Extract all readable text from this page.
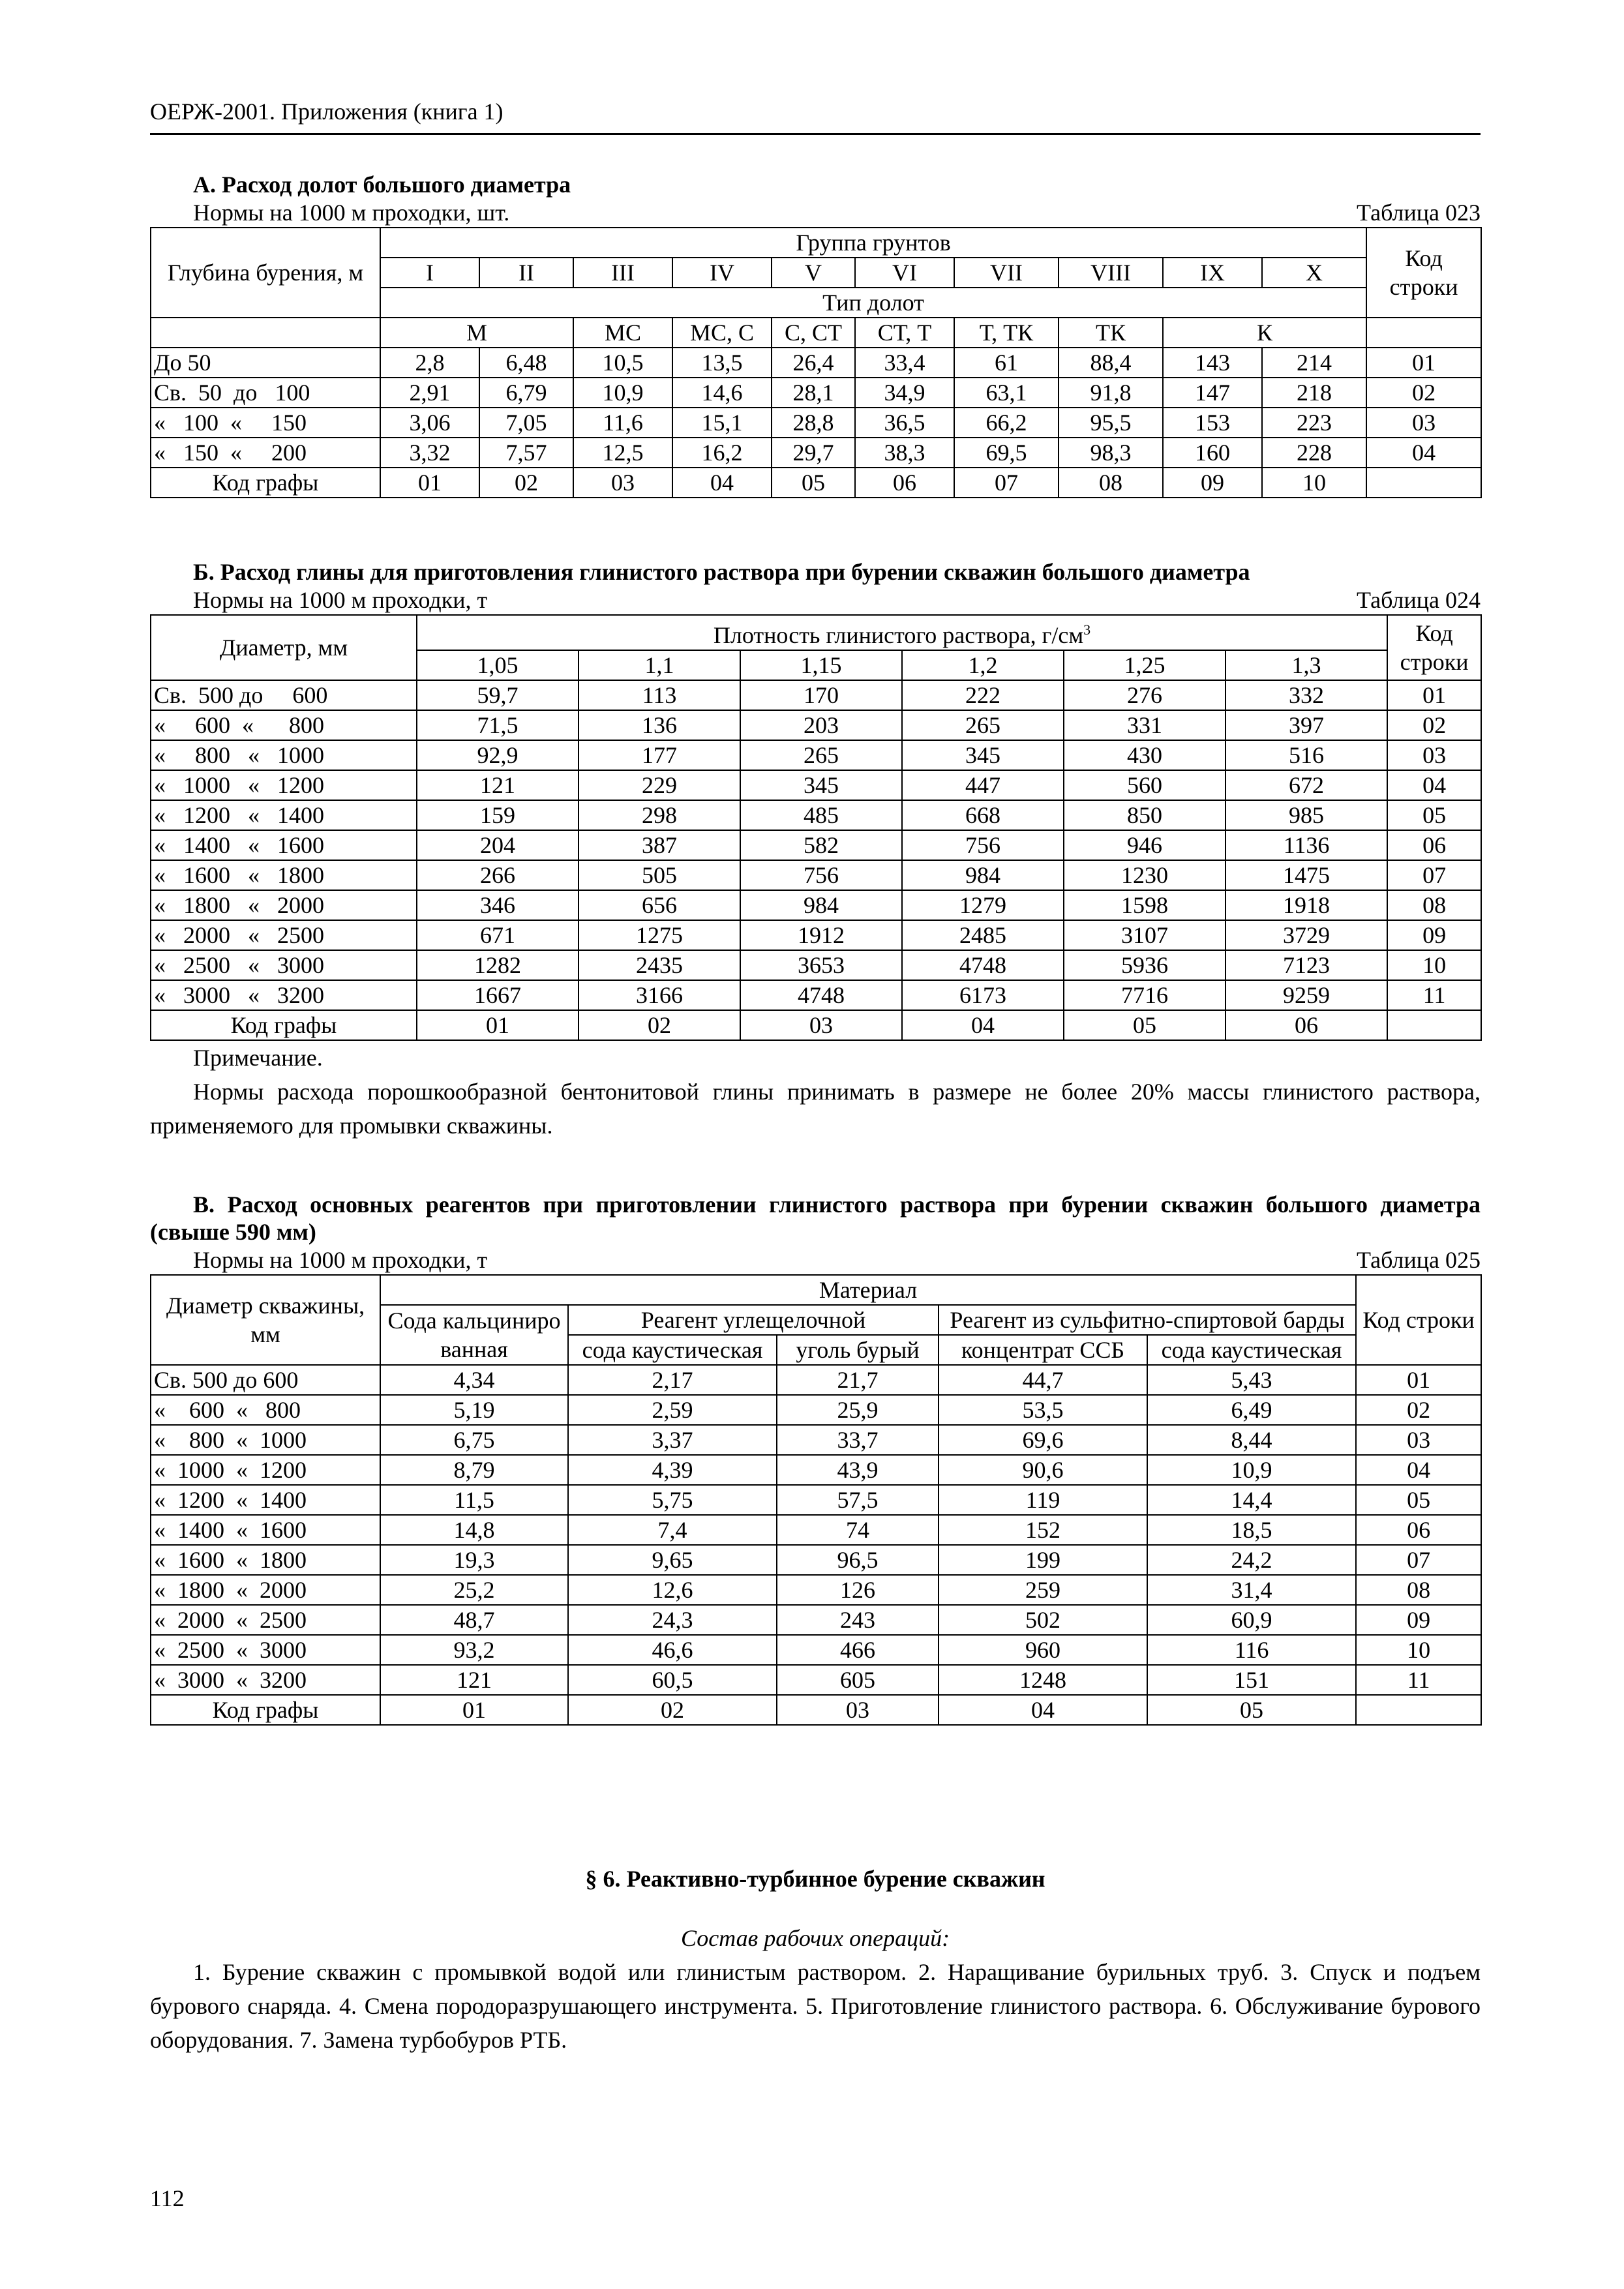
ОЕРЖ-2001. Приложения (книга 1)
А. Расход долот большого диаметра
Нормы на 1000 м проходки, шт.	Таблица 023
Глубина бурения, м	Группа грунтов										Код строки
	I	II	III	IV	V	VI	VII	VIII	IX	X	
	Тип долот										
	М		МС	МС, С	С, СТ	СТ, Т	Т, ТК	ТК	К		
До 50	2,8	6,48	10,5	13,5	26,4	33,4	61	88,4	143	214	01
Св.  50  до   100	2,91	6,79	10,9	14,6	28,1	34,9	63,1	91,8	147	218	02
«   100  «     150	3,06	7,05	11,6	15,1	28,8	36,5	66,2	95,5	153	223	03
«   150  «     200	3,32	7,57	12,5	16,2	29,7	38,3	69,5	98,3	160	228	04
Код графы	01	02	03	04	05	06	07	08	09	10	
Б. Расход глины для приготовления глинистого раствора при бурении скважин большого диаметра
Нормы на 1000 м проходки, т	Таблица 024
Диаметр, мм	Плотность глинистого раствора, $г/см^3$						Код строки
	1,05	1,1	1,15	1,2	1,25	1,3	
Св.  500 до     600	59,7	113	170	222	276	332	01
«     600  «      800	71,5	136	203	265	331	397	02
«     800   «   1000	92,9	177	265	345	430	516	03
«   1000   «   1200	121	229	345	447	560	672	04
«   1200   «   1400	159	298	485	668	850	985	05
«   1400   «   1600	204	387	582	756	946	1136	06
«   1600   «   1800	266	505	756	984	1230	1475	07
«   1800   «   2000	346	656	984	1279	1598	1918	08
«   2000   «   2500	671	1275	1912	2485	3107	3729	09
«   2500   «   3000	1282	2435	3653	4748	5936	7123	10
«   3000   «   3200	1667	3166	4748	6173	7716	9259	11
Код графы	01	02	03	04	05	06	
Примечание.
Нормы расхода порошкообразной бентонитовой глины принимать в размере не более 20% массы глинистого раствора, применяемого для промывки скважины.
В. Расход основных реагентов при приготовлении глинистого раствора при бурении скважин большого диаметра (свыше 590 мм)
Нормы на 1000 м проходки, т	Таблица 025
Диаметр скважины, мм	Материал					Код строки
	Сода кальцинированная	Реагент углещелочной		Реагент из сульфитно-спиртовой барды		
		сода каустическая	уголь бурый	концентрат ССБ	сода каустическая	
Св. 500 до 600	4,34	2,17	21,7	44,7	5,43	01
«    600  «   800	5,19	2,59	25,9	53,5	6,49	02
«    800  «  1000	6,75	3,37	33,7	69,6	8,44	03
«  1000  «  1200	8,79	4,39	43,9	90,6	10,9	04
«  1200  «  1400	11,5	5,75	57,5	119	14,4	05
«  1400  «  1600	14,8	7,4	74	152	18,5	06
«  1600  «  1800	19,3	9,65	96,5	199	24,2	07
«  1800  «  2000	25,2	12,6	126	259	31,4	08
«  2000  «  2500	48,7	24,3	243	502	60,9	09
«  2500  «  3000	93,2	46,6	466	960	116	10
«  3000  «  3200	121	60,5	605	1248	151	11
Код графы	01	02	03	04	05	
§ 6. Реактивно-турбинное бурение скважин
Состав рабочих операций:
1. Бурение скважин с промывкой водой или глинистым раствором. 2. Наращивание бурильных труб. 3. Спуск и подъем бурового снаряда. 4. Смена породоразрушающего инструмента. 5. Приготовление глинистого раствора. 6. Обслуживание бурового оборудования. 7. Замена турбобуров РТБ.
112
